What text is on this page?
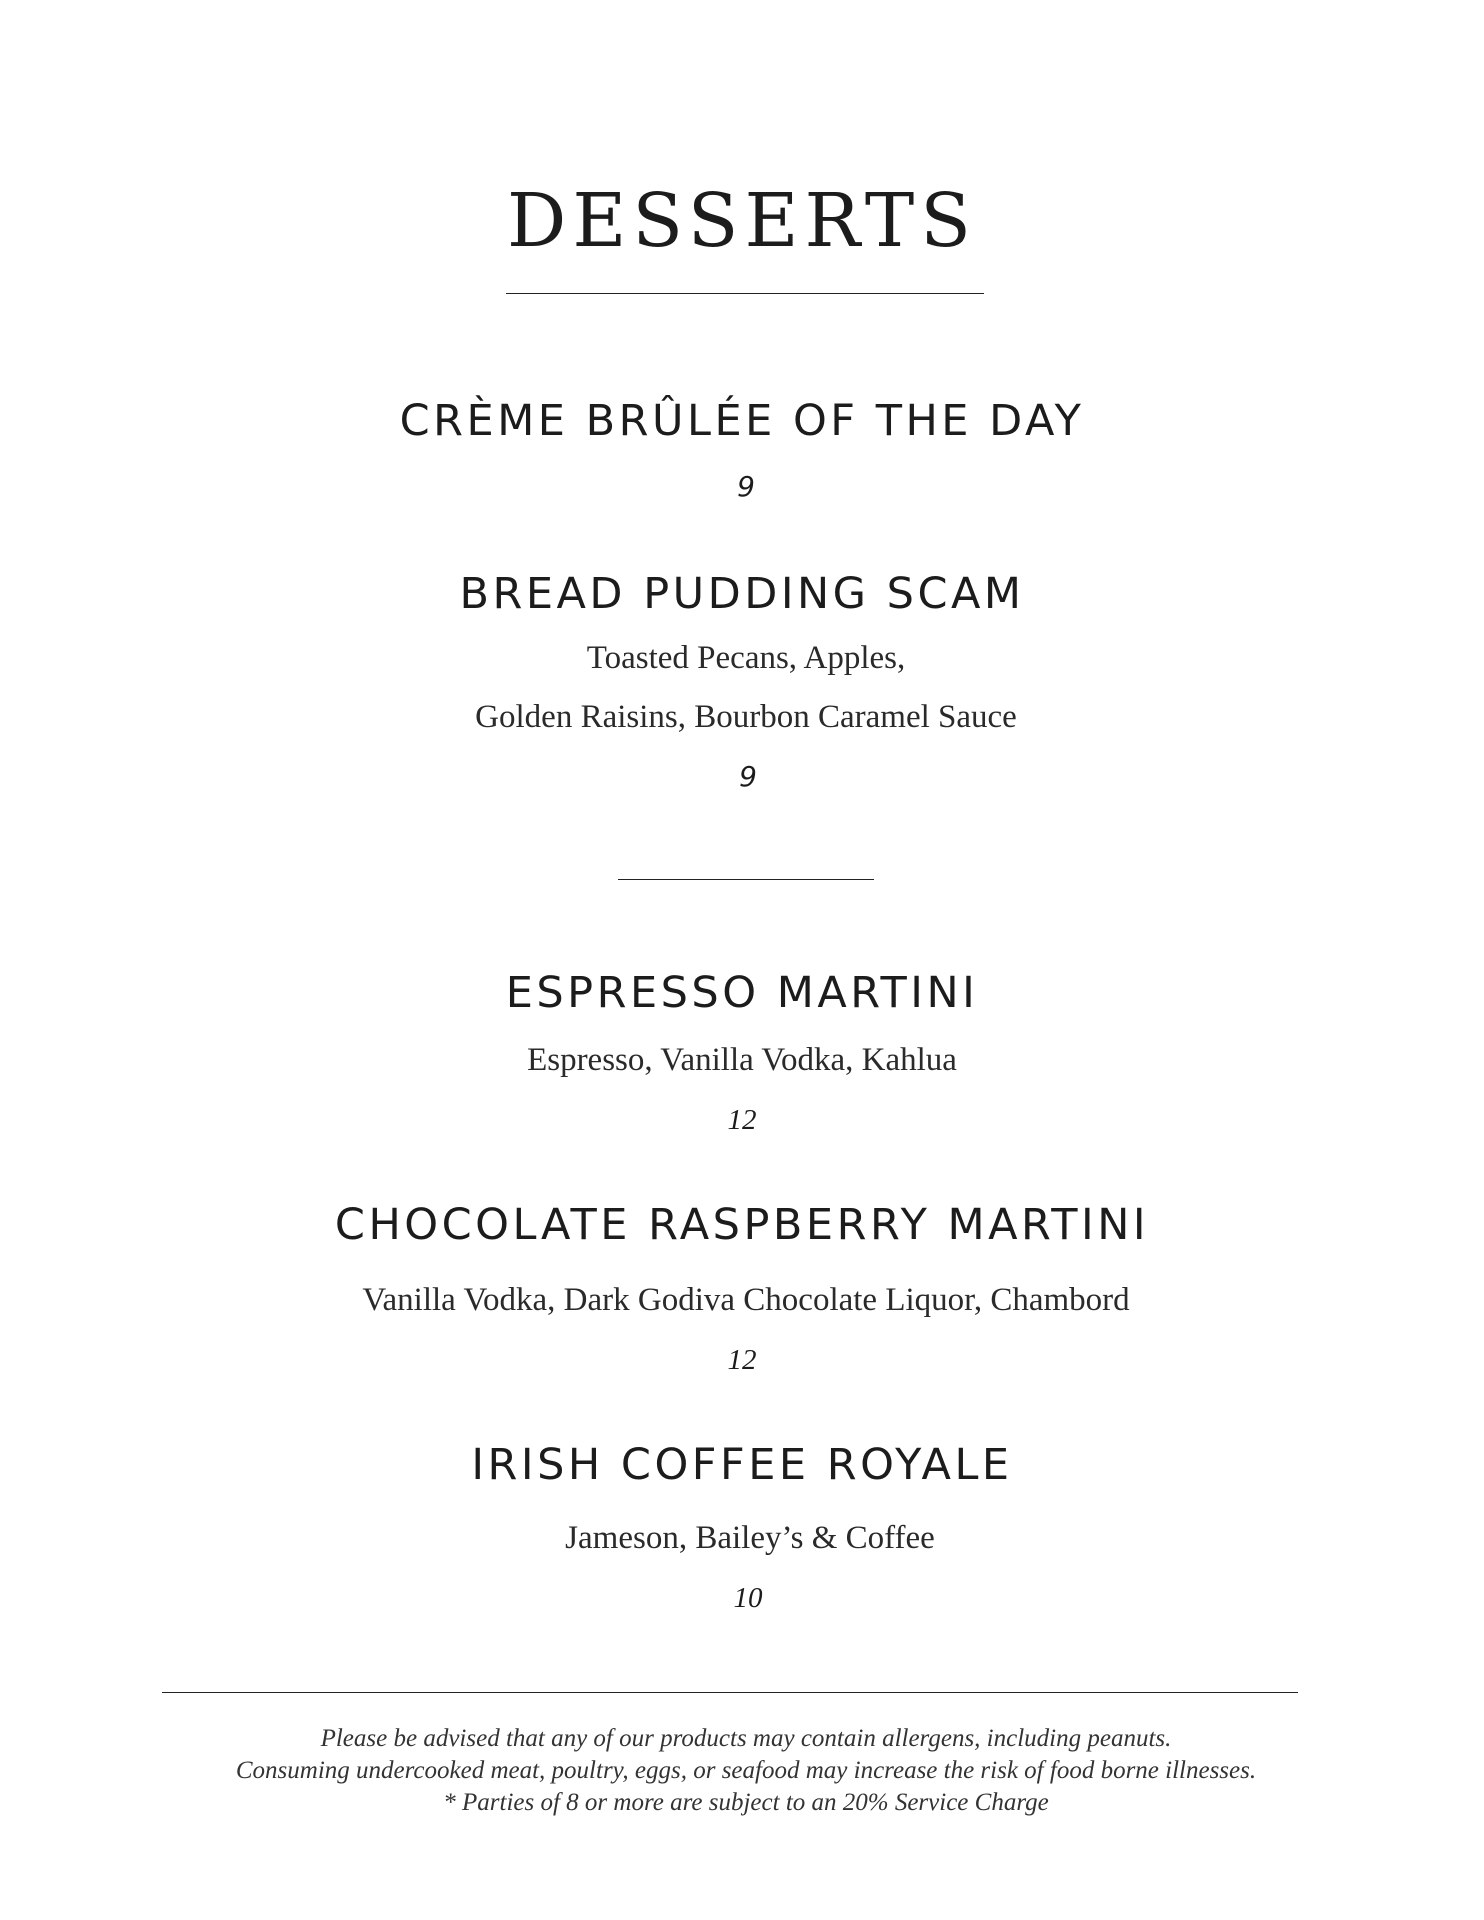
DESSERTS
CRÈME BRÛLÉE OF THE DAY
9
BREAD PUDDING SCAM
Toasted Pecans, Apples,
Golden Raisins, Bourbon Caramel Sauce
9
ESPRESSO MARTINI
Espresso, Vanilla Vodka, Kahlua
12
CHOCOLATE RASPBERRY MARTINI
Vanilla Vodka, Dark Godiva Chocolate Liquor, Chambord
12
IRISH COFFEE ROYALE
Jameson, Bailey’s & Coffee
10
Please be advised that any of our products may contain allergens, including peanuts.
Consuming undercooked meat, poultry, eggs, or seafood may increase the risk of food borne illnesses.
* Parties of 8 or more are subject to an 20% Service Charge
